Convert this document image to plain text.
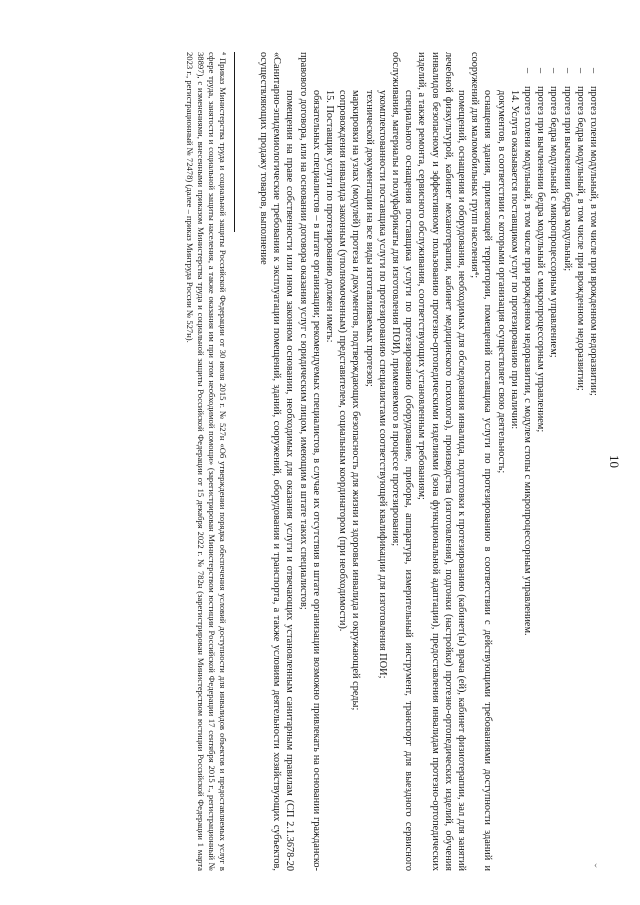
10

–протез голени модульный, в том числе при врожденном недоразвитии;

–протез бедра модульный, в том числе при врожденном недоразвитии;

–протез при вычленении бедра модульный;

–протез бедра модульный с микропроцессорным управлением;

–протез при вычленении бедра модульный с микропроцессорным управлением;

–протез голени модульный, в том числе при врожденном недоразвитии, с модулем стопы с микропроцессорным управлением.

14. Услуга оказывается поставщиком услуг по протезированию при наличии:

документов, в соответствии с которыми организация осуществляет свою деятельность;

оснащения здания, прилегающей территории, помещений поставщика услуги по протезированию в соответствии с действующими требованиями доступности зданий и сооружений для маломобильных групп населения⁴;

помещений, оснащения и оборудования, необходимых для обследования инвалида, подготовки к протезированию (кабинет(ы) врача (ей), кабинет физиотерапии, зал для занятий лечебной физкультурой, кабинет механотерапии, кабинет медицинского психолога), производства (изготовления), подгонки (настройки) протезно-ортопедических изделий, обучения инвалидов безопасному и эффективному пользованию протезно-ортопедическими изделиями (зона функциональной адаптации), предоставления инвалидам протезно-ортопедических изделий, а также ремонта, сервисного обслуживания, соответствующих установленным требованиям;

специального оснащения поставщика услуги по протезированию (оборудование, приборы, аппаратура, измерительный инструмент, транспорт для выездного сервисного обслуживания, материалы и полуфабрикаты для изготовления ПОИ), применяемого в процессе протезирования;

укомплектованности поставщика услуги по протезированию специалистами соответствующей квалификации для изготовления ПОИ;

технической документации на все виды изготавливаемых протезов;

маркировки на узлах (модулей) протеза и документов, подтверждающих безопасность для жизни и здоровья инвалида и окружающей среды;

сопровождения инвалида законным (уполномоченным) представителем, социальным координатором (при необходимости).

15. Поставщик услуги по протезированию должен иметь:

обязательных специалистов – в штате организации; рекомендуемых специалистов, в случае их отсутствия в штате организации возможно привлекать на основании гражданско-правового договора, или на основании договора оказания услуг с юридическим лицом, имеющим в штате таких специалистов;

помещения на праве собственности или ином законном основании, необходимых для оказания услуги и отвечающих установленным санитарным правилам (СП 2.1.3678-20 «Санитарно-эпидемиологические требования к эксплуатации помещений, зданий, сооружений, оборудования и транспорта, а также условиям деятельности хозяйствующих субъектов, осуществляющих продажу товаров, выполнение

⁴ Приказ Министерства труда и социальной защиты Российской Федерации от 30 июля 2015 г. № 527н «Об утверждении порядка обеспечения условий доступности для инвалидов объектов и предоставляемых услуг в сфере труда, занятости и социальной защиты населения, а также оказания им при этом необходимой помощи» (зарегистрирован Министерством юстиции Российской Федерации 17 сентября 2015 г., регистрационный № 38897), с изменениями, внесенными приказом Министерства труда и социальной защиты Российской Федерации от 15 декабря 2022 г. № 782н (зарегистрирован Министерством юстиции Российской Федерации 1 марта 2023 г., регистрационный № 72478) (далее – приказ Минтруда России № 527н).

‹
